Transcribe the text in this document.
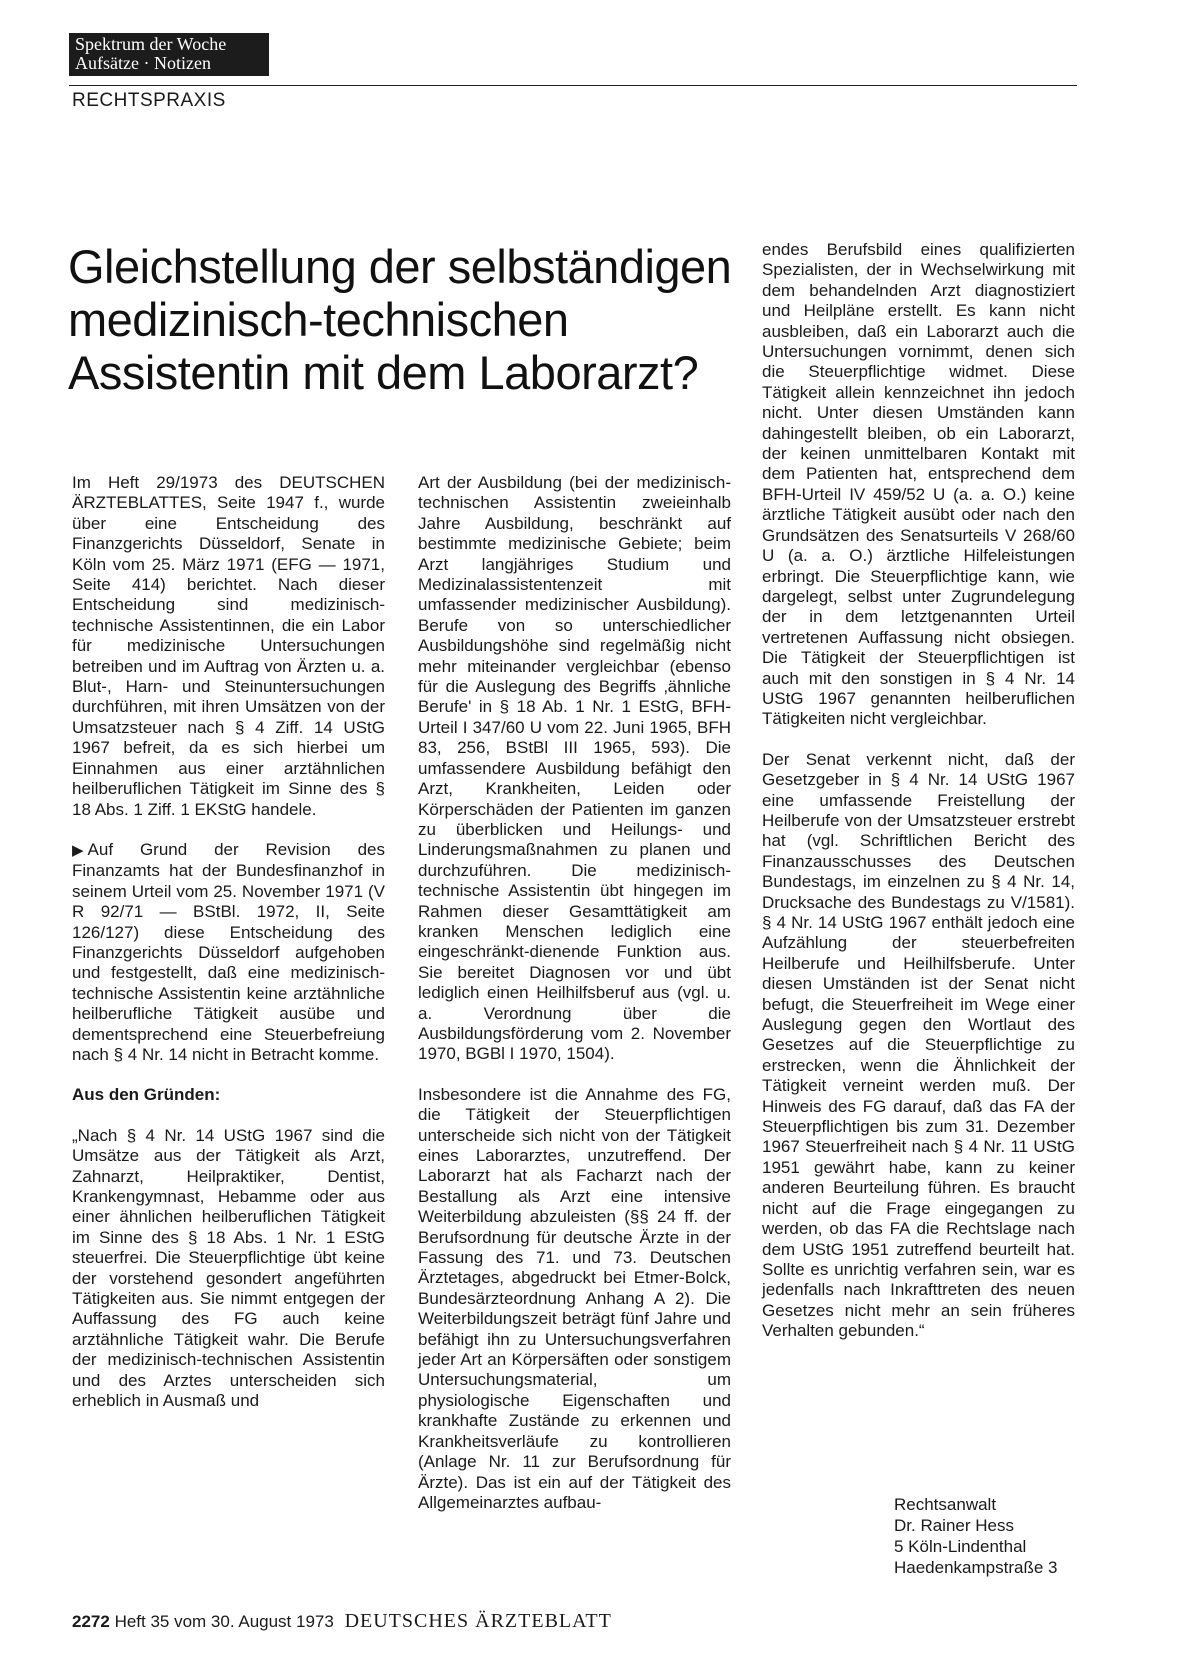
Spektrum der Woche
Aufsätze · Notizen
RECHTSPRAXIS
Gleichstellung der selbständigen medizinisch-technischen Assistentin mit dem Laborarzt?

Im Heft 29/1973 des DEUTSCHEN ÄRZTEBLATTES, Seite 1947 f., wurde über eine Entscheidung des Finanzgerichts Düsseldorf, Senate in Köln vom 25. März 1971 (EFG — 1971, Seite 414) berichtet. Nach dieser Entscheidung sind medizinisch-technische Assistentinnen, die ein Labor für medizinische Untersuchungen betreiben und im Auftrag von Ärzten u. a. Blut-, Harn- und Steinuntersuchungen durchführen, mit ihren Umsätzen von der Umsatzsteuer nach § 4 Ziff. 14 UStG 1967 befreit, da es sich hierbei um Einnahmen aus einer arztähnlichen heilberuflichen Tätigkeit im Sinne des § 18 Abs. 1 Ziff. 1 EKStG handele.

▶ Auf Grund der Revision des Finanzamts hat der Bundesfinanzhof in seinem Urteil vom 25. November 1971 (V R 92/71 — BStBl. 1972, II, Seite 126/127) diese Entscheidung des Finanzgerichts Düsseldorf aufgehoben und festgestellt, daß eine medizinisch-technische Assistentin keine arztähnliche heilberufliche Tätigkeit ausübe und dementsprechend eine Steuerbefreiung nach § 4 Nr. 14 nicht in Betracht komme.

Aus den Gründen:

„Nach § 4 Nr. 14 UStG 1967 sind die Umsätze aus der Tätigkeit als Arzt, Zahnarzt, Heilpraktiker, Dentist, Krankengymnast, Hebamme oder aus einer ähnlichen heilberuflichen Tätigkeit im Sinne des § 18 Abs. 1 Nr. 1 EStG steuerfrei. Die Steuerpflichtige übt keine der vorstehend gesondert angeführten Tätigkeiten aus. Sie nimmt entgegen der Auffassung des FG auch keine arztähnliche Tätigkeit wahr. Die Berufe der medizinisch-technischen Assistentin und des Arztes unterscheiden sich erheblich in Ausmaß und

Art der Ausbildung (bei der medizinisch-technischen Assistentin zweieinhalb Jahre Ausbildung, beschränkt auf bestimmte medizinische Gebiete; beim Arzt langjähriges Studium und Medizinalassistentenzeit mit umfassender medizinischer Ausbildung). Berufe von so unterschiedlicher Ausbildungshöhe sind regelmäßig nicht mehr miteinander vergleichbar (ebenso für die Auslegung des Begriffs ‚ähnliche Berufe' in § 18 Ab. 1 Nr. 1 EStG, BFH-Urteil I 347/60 U vom 22. Juni 1965, BFH 83, 256, BStBl III 1965, 593). Die umfassendere Ausbildung befähigt den Arzt, Krankheiten, Leiden oder Körperschäden der Patienten im ganzen zu überblicken und Heilungs- und Linderungsmaßnahmen zu planen und durchzuführen. Die medizinisch-technische Assistentin übt hingegen im Rahmen dieser Gesamttätigkeit am kranken Menschen lediglich eine eingeschränkt-dienende Funktion aus. Sie bereitet Diagnosen vor und übt lediglich einen Heilhilfsberuf aus (vgl. u. a. Verordnung über die Ausbildungsförderung vom 2. November 1970, BGBl I 1970, 1504).

Insbesondere ist die Annahme des FG, die Tätigkeit der Steuerpflichtigen unterscheide sich nicht von der Tätigkeit eines Laborarztes, unzutreffend. Der Laborarzt hat als Facharzt nach der Bestallung als Arzt eine intensive Weiterbildung abzuleisten (§§ 24 ff. der Berufsordnung für deutsche Ärzte in der Fassung des 71. und 73. Deutschen Ärztetages, abgedruckt bei Etmer-Bolck, Bundesärzteordnung Anhang A 2). Die Weiterbildungszeit beträgt fünf Jahre und befähigt ihn zu Untersuchungsverfahren jeder Art an Körpersäften oder sonstigem Untersuchungsmaterial, um physiologische Eigenschaften und krankhafte Zustände zu erkennen und Krankheitsverläufe zu kontrollieren (Anlage Nr. 11 zur Berufsordnung für Ärzte). Das ist ein auf der Tätigkeit des Allgemeinarztes aufbau-

endes Berufsbild eines qualifizierten Spezialisten, der in Wechselwirkung mit dem behandelnden Arzt diagnostiziert und Heilpläne erstellt. Es kann nicht ausbleiben, daß ein Laborarzt auch die Untersuchungen vornimmt, denen sich die Steuerpflichtige widmet. Diese Tätigkeit allein kennzeichnet ihn jedoch nicht. Unter diesen Umständen kann dahingestellt bleiben, ob ein Laborarzt, der keinen unmittelbaren Kontakt mit dem Patienten hat, entsprechend dem BFH-Urteil IV 459/52 U (a. a. O.) keine ärztliche Tätigkeit ausübt oder nach den Grundsätzen des Senatsurteils V 268/60 U (a. a. O.) ärztliche Hilfeleistungen erbringt. Die Steuerpflichtige kann, wie dargelegt, selbst unter Zugrundelegung der in dem letztgenannten Urteil vertretenen Auffassung nicht obsiegen. Die Tätigkeit der Steuerpflichtigen ist auch mit den sonstigen in § 4 Nr. 14 UStG 1967 genannten heilberuflichen Tätigkeiten nicht vergleichbar.

Der Senat verkennt nicht, daß der Gesetzgeber in § 4 Nr. 14 UStG 1967 eine umfassende Freistellung der Heilberufe von der Umsatzsteuer erstrebt hat (vgl. Schriftlichen Bericht des Finanzausschusses des Deutschen Bundestags, im einzelnen zu § 4 Nr. 14, Drucksache des Bundestags zu V/1581). § 4 Nr. 14 UStG 1967 enthält jedoch eine Aufzählung der steuerbefreiten Heilberufe und Heilhilfsberufe. Unter diesen Umständen ist der Senat nicht befugt, die Steuerfreiheit im Wege einer Auslegung gegen den Wortlaut des Gesetzes auf die Steuerpflichtige zu erstrecken, wenn die Ähnlichkeit der Tätigkeit verneint werden muß. Der Hinweis des FG darauf, daß das FA der Steuerpflichtigen bis zum 31. Dezember 1967 Steuerfreiheit nach § 4 Nr. 11 UStG 1951 gewährt habe, kann zu keiner anderen Beurteilung führen. Es braucht nicht auf die Frage eingegangen zu werden, ob das FA die Rechtslage nach dem UStG 1951 zutreffend beurteilt hat. Sollte es unrichtig verfahren sein, war es jedenfalls nach Inkrafttreten des neuen Gesetzes nicht mehr an sein früheres Verhalten gebunden.“

Rechtsanwalt
Dr. Rainer Hess
5 Köln-Lindenthal
Haedenkampstraße 3
2272 Heft 35 vom 30. August 1973 DEUTSCHES ÄRZTEBLATT
